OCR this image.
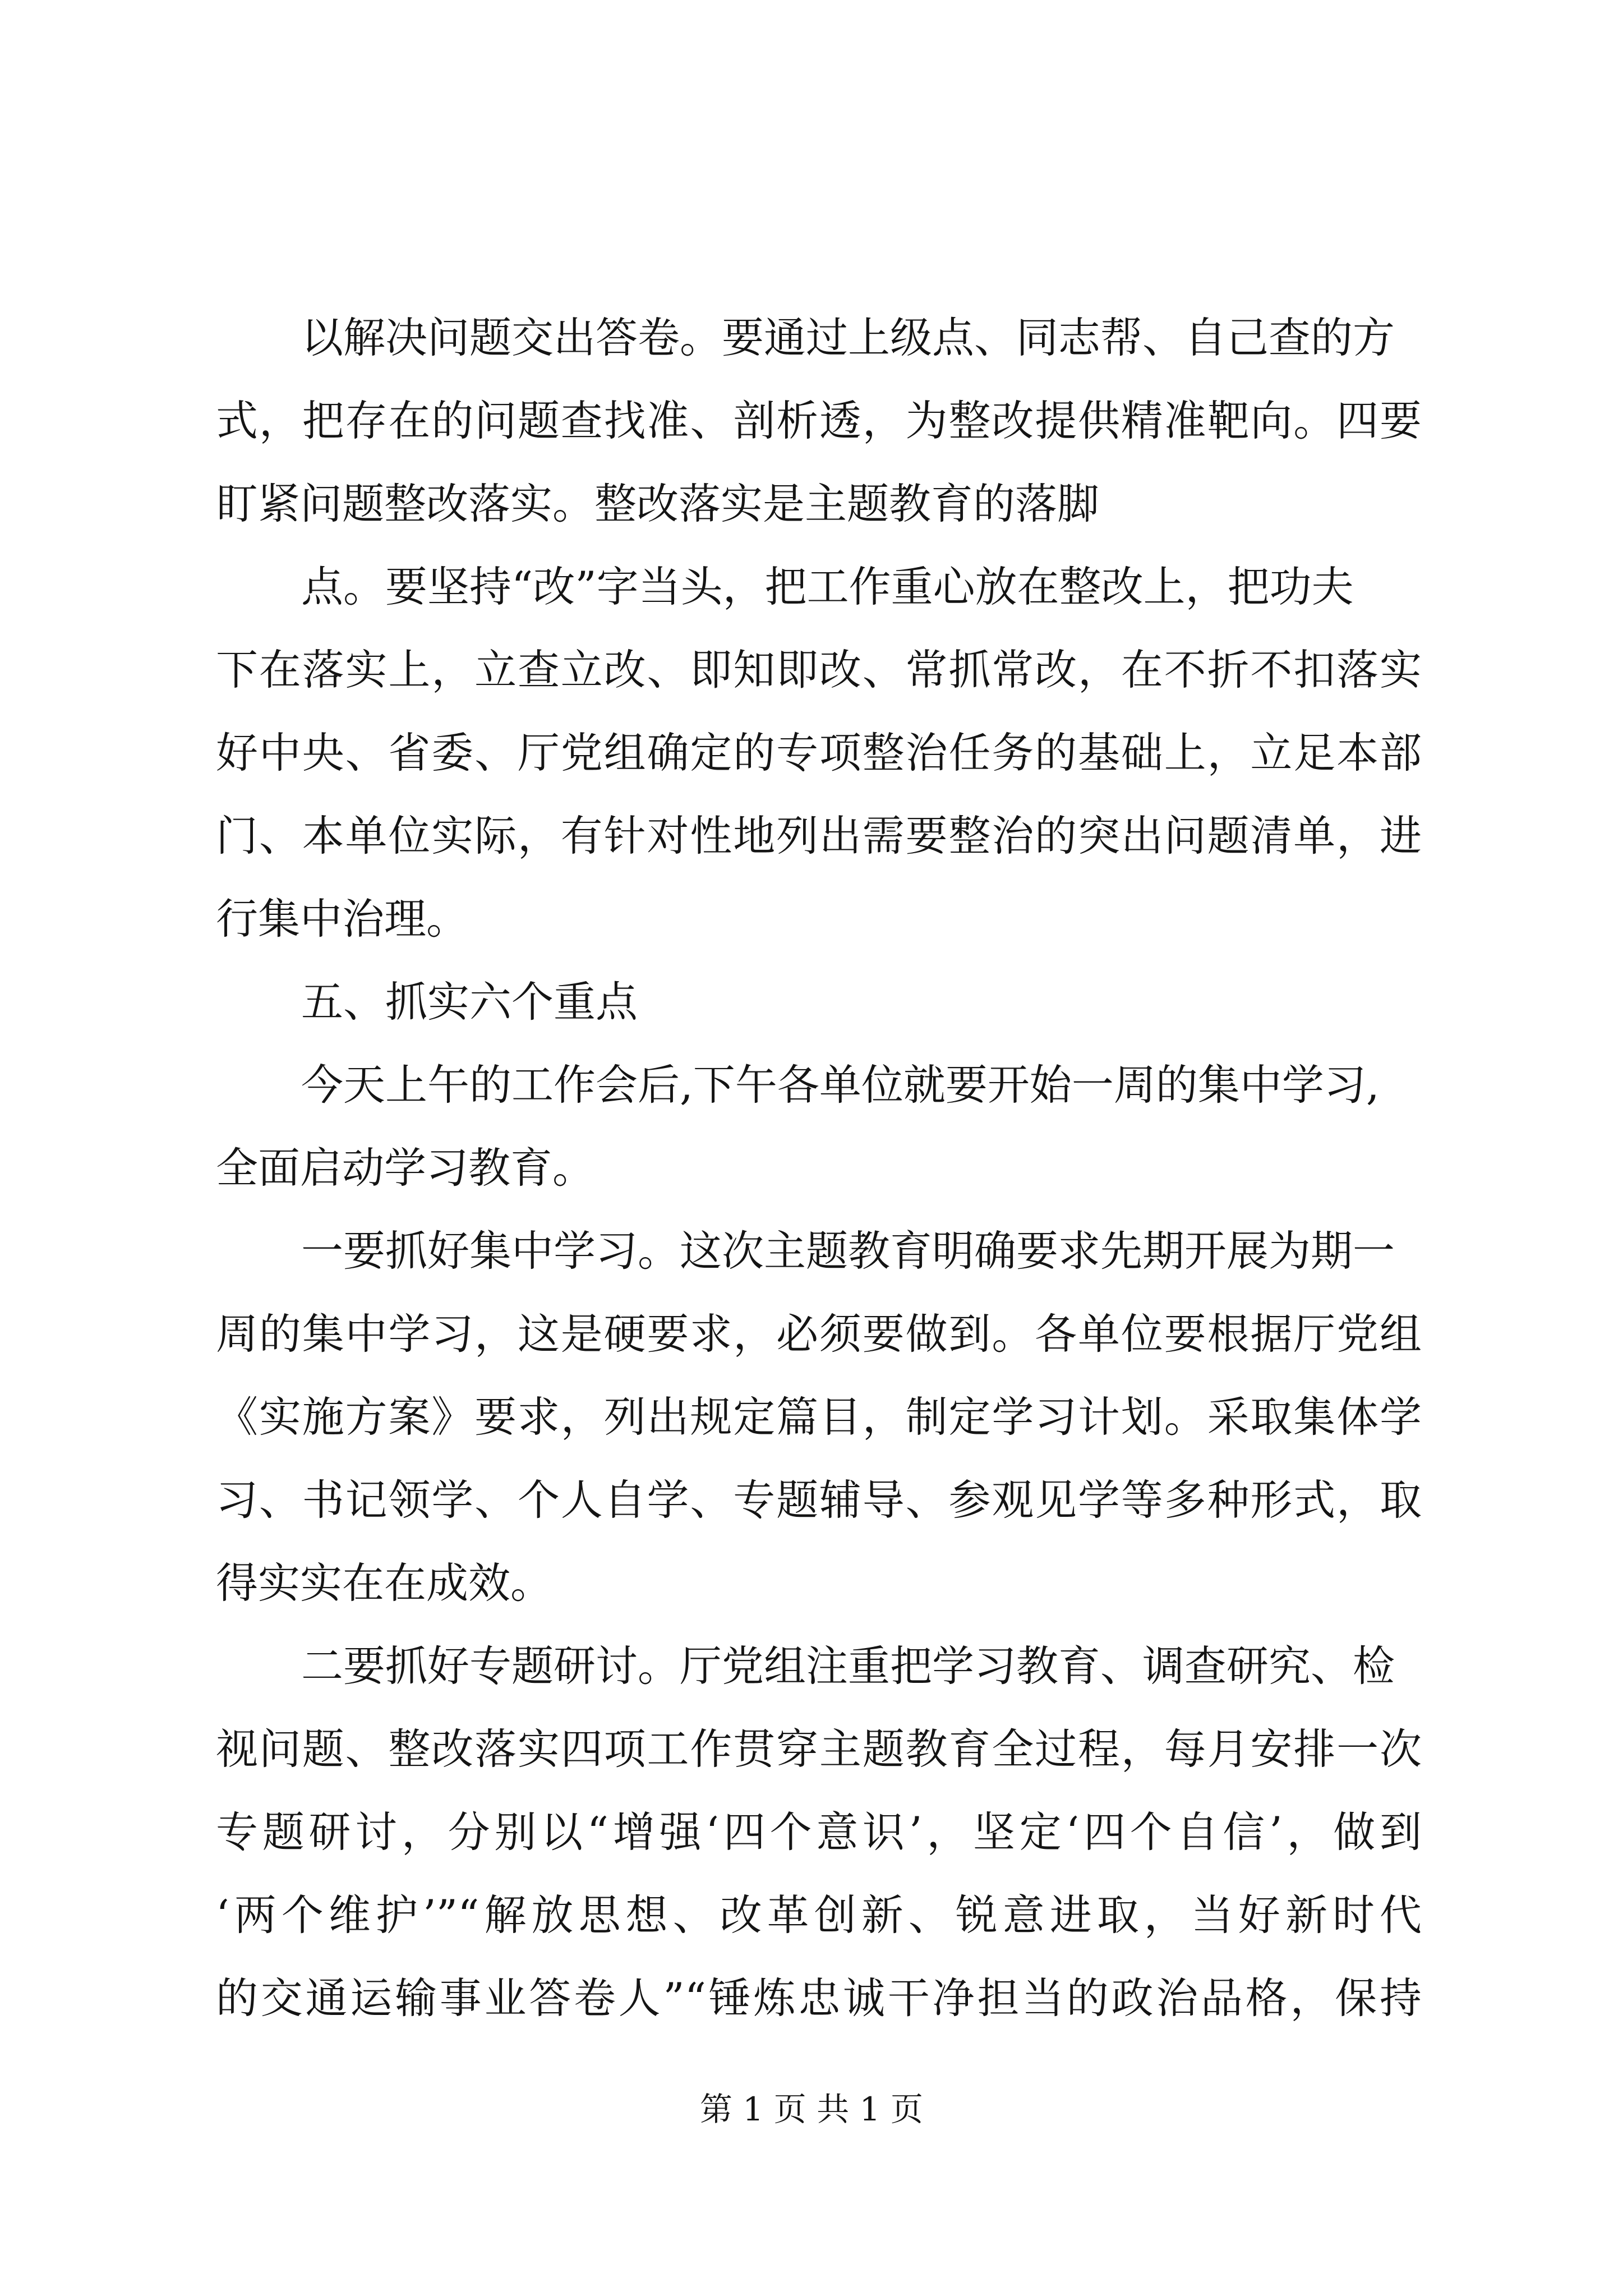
以解决问题交出答卷。要通过上级点、同志帮、自己查的方
式，把存在的问题查找准、剖析透，为整改提供精准靶向。四要
盯紧问题整改落实。整改落实是主题教育的落脚
点。要坚持“改”字当头，把工作重心放在整改上，把功夫
下在落实上，立查立改、即知即改、常抓常改，在不折不扣落实
好中央、省委、厅党组确定的专项整治任务的基础上，立足本部
门、本单位实际，有针对性地列出需要整治的突出问题清单，进
行集中治理。
五、抓实六个重点
今天上午的工作会后,下午各单位就要开始一周的集中学习,
全面启动学习教育。
一要抓好集中学习。这次主题教育明确要求先期开展为期一
周的集中学习，这是硬要求，必须要做到。各单位要根据厅党组
《实施方案》要求，列出规定篇目，制定学习计划。采取集体学
习、书记领学、个人自学、专题辅导、参观见学等多种形式，取
得实实在在成效。
二要抓好专题研讨。厅党组注重把学习教育、调查研究、检
视问题、整改落实四项工作贯穿主题教育全过程，每月安排一次
专题研讨，分别以“增强‘四个意识’，坚定‘四个自信’，做到
‘两个维护’”“解放思想、改革创新、锐意进取，当好新时代
的交通运输事业答卷人”“锤炼忠诚干净担当的政治品格，保持
第 1 页 共 1 页
